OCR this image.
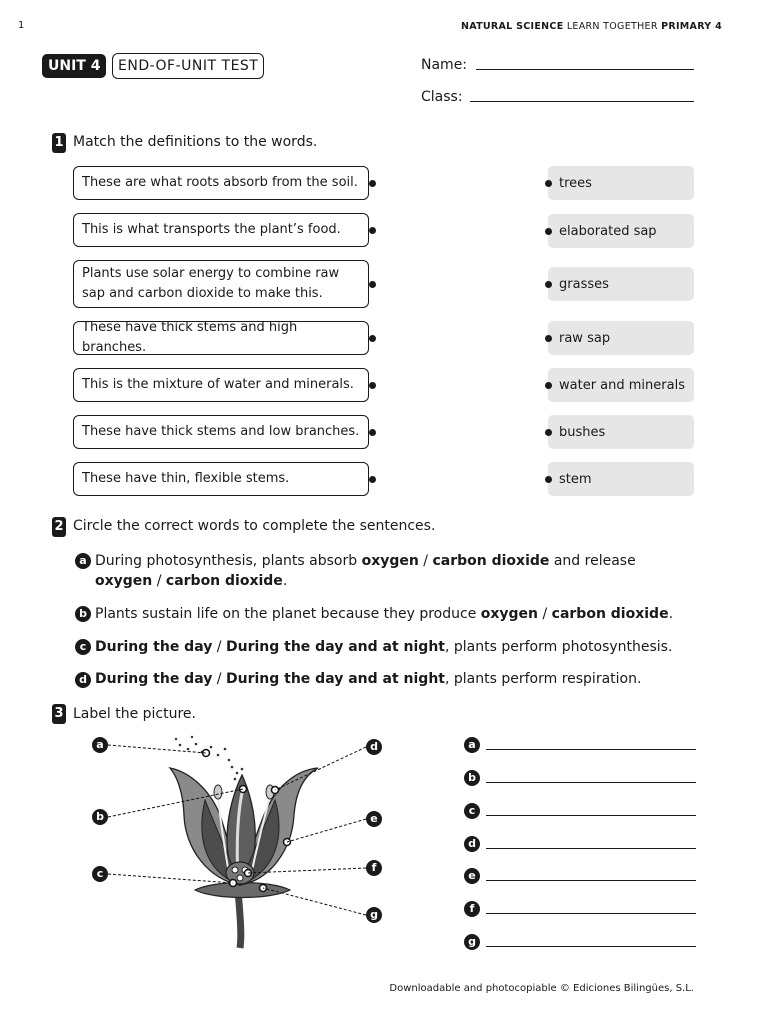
1	NATURAL SCIENCE LEARN TOGETHER PRIMARY 4
UNIT 4	END-OF-UNIT TEST	Name:
Class:
1 Match the definitions to the words.
These are what roots absorb from the soil.
This is what transports the plant’s food.
Plants use solar energy to combine raw sap and carbon dioxide to make this.
These have thick stems and high branches.
This is the mixture of water and minerals.
These have thick stems and low branches.
These have thin, flexible stems.
trees
elaborated sap
grasses
raw sap
water and minerals
bushes
stem
2 Circle the correct words to complete the sentences.
a During photosynthesis, plants absorb oxygen / carbon dioxide and release
oxygen / carbon dioxide.
b Plants sustain life on the planet because they produce oxygen / carbon dioxide.
c During the day / During the day and at night, plants perform photosynthesis.
d During the day / During the day and at night, plants perform respiration.
3 Label the picture.
a
b
c
d
e
f
g
a
b
c
d
e
f
g
Downloadable and photocopiable © Ediciones Bilingües, S.L.
